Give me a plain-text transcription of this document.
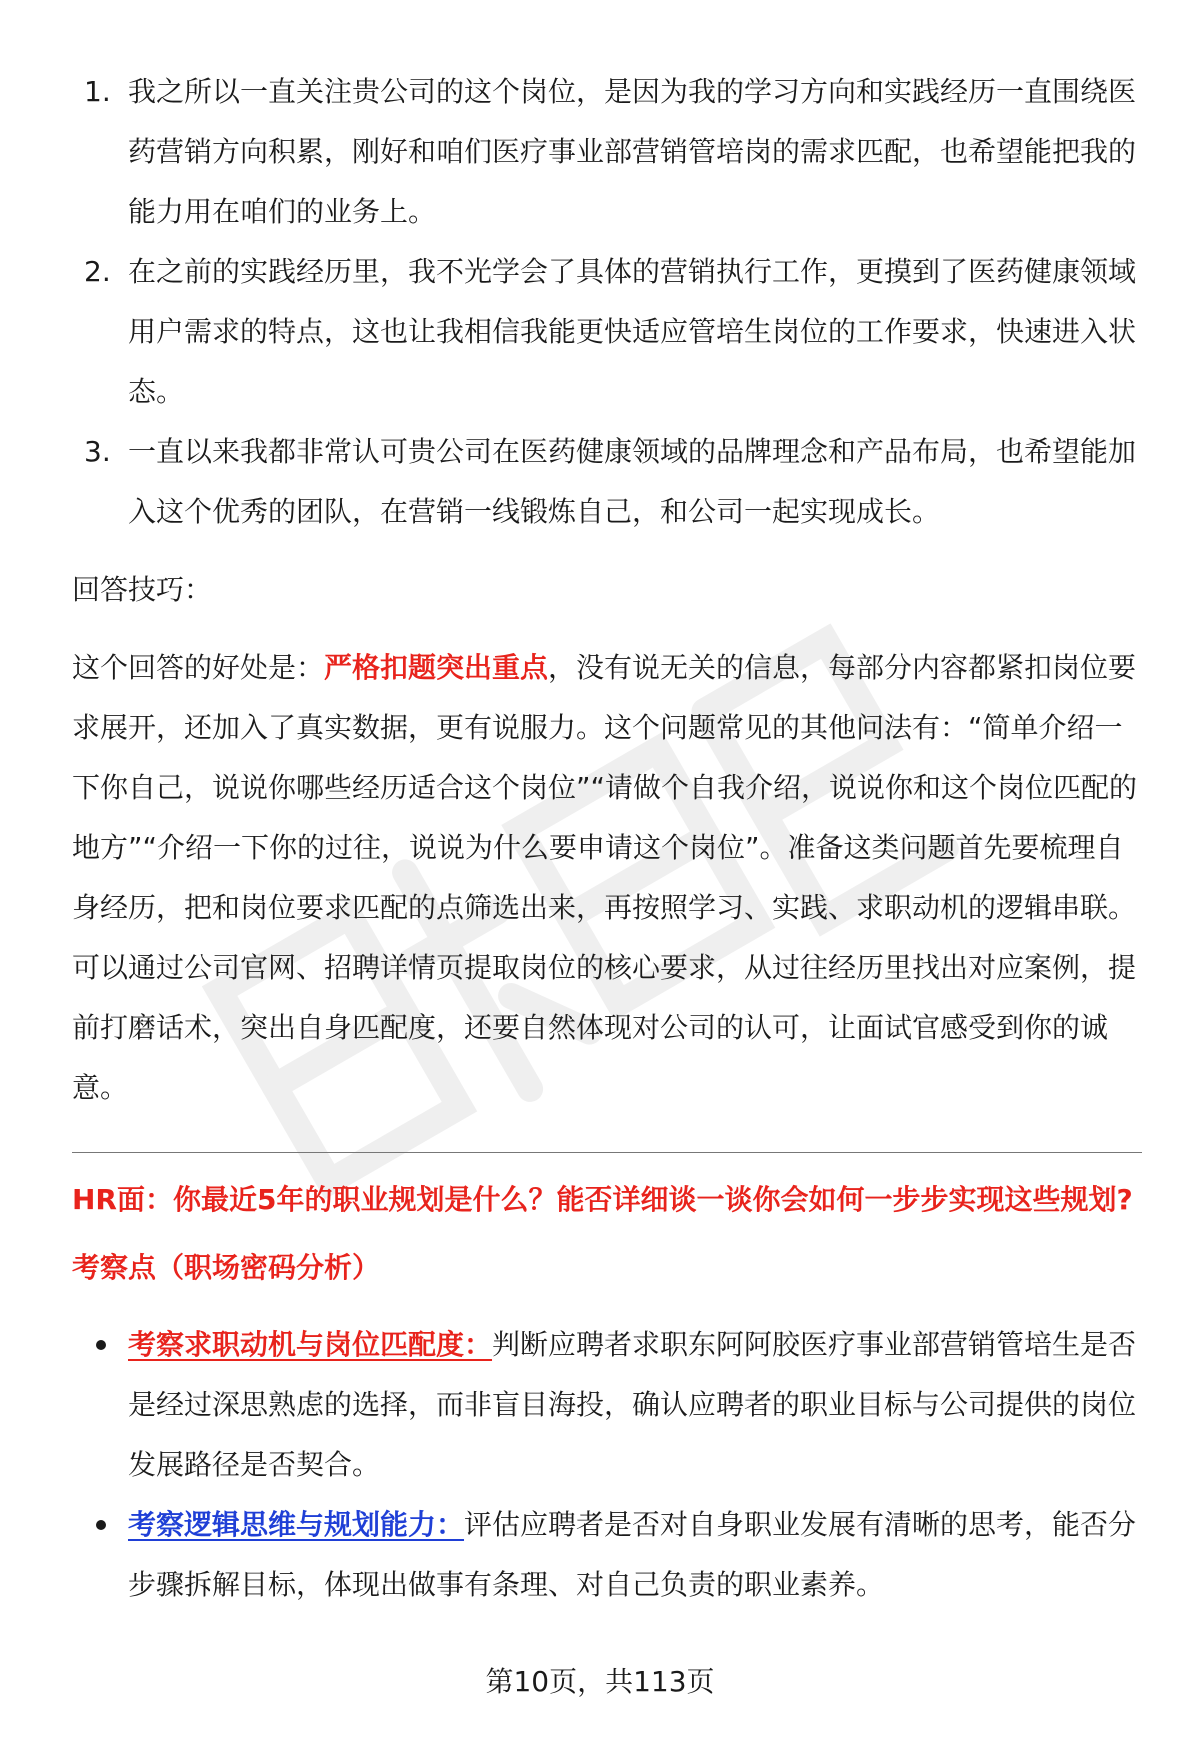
1. 我之所以一直关注贵公司的这个岗位，是因为我的学习方向和实践经历一直围绕医药营销方向积累，刚好和咱们医疗事业部营销管培岗的需求匹配，也希望能把我的能力用在咱们的业务上。
2. 在之前的实践经历里，我不光学会了具体的营销执行工作，更摸到了医药健康领域用户需求的特点，这也让我相信我能更快适应管培生岗位的工作要求，快速进入状态。
3. 一直以来我都非常认可贵公司在医药健康领域的品牌理念和产品布局，也希望能加入这个优秀的团队，在营销一线锻炼自己，和公司一起实现成长。

回答技巧：

这个回答的好处是：严格扣题突出重点，没有说无关的信息，每部分内容都紧扣岗位要求展开，还加入了真实数据，更有说服力。这个问题常见的其他问法有：“简单介绍一下你自己，说说你哪些经历适合这个岗位”“请做个自我介绍，说说你和这个岗位匹配的地方”“介绍一下你的过往，说说为什么要申请这个岗位”。准备这类问题首先要梳理自身经历，把和岗位要求匹配的点筛选出来，再按照学习、实践、求职动机的逻辑串联。可以通过公司官网、招聘详情页提取岗位的核心要求，从过往经历里找出对应案例，提前打磨话术，突出自身匹配度，还要自然体现对公司的认可，让面试官感受到你的诚意。

HR面：你最近5年的职业规划是什么？能否详细谈一谈你会如何一步步实现这些规划?

考察点（职场密码分析）

考察求职动机与岗位匹配度：判断应聘者求职东阿阿胶医疗事业部营销管培生是否是经过深思熟虑的选择，而非盲目海投，确认应聘者的职业目标与公司提供的岗位发展路径是否契合。
考察逻辑思维与规划能力：评估应聘者是否对自身职业发展有清晰的思考，能否分步骤拆解目标，体现出做事有条理、对自己负责的职业素养。
第10页，共113页
